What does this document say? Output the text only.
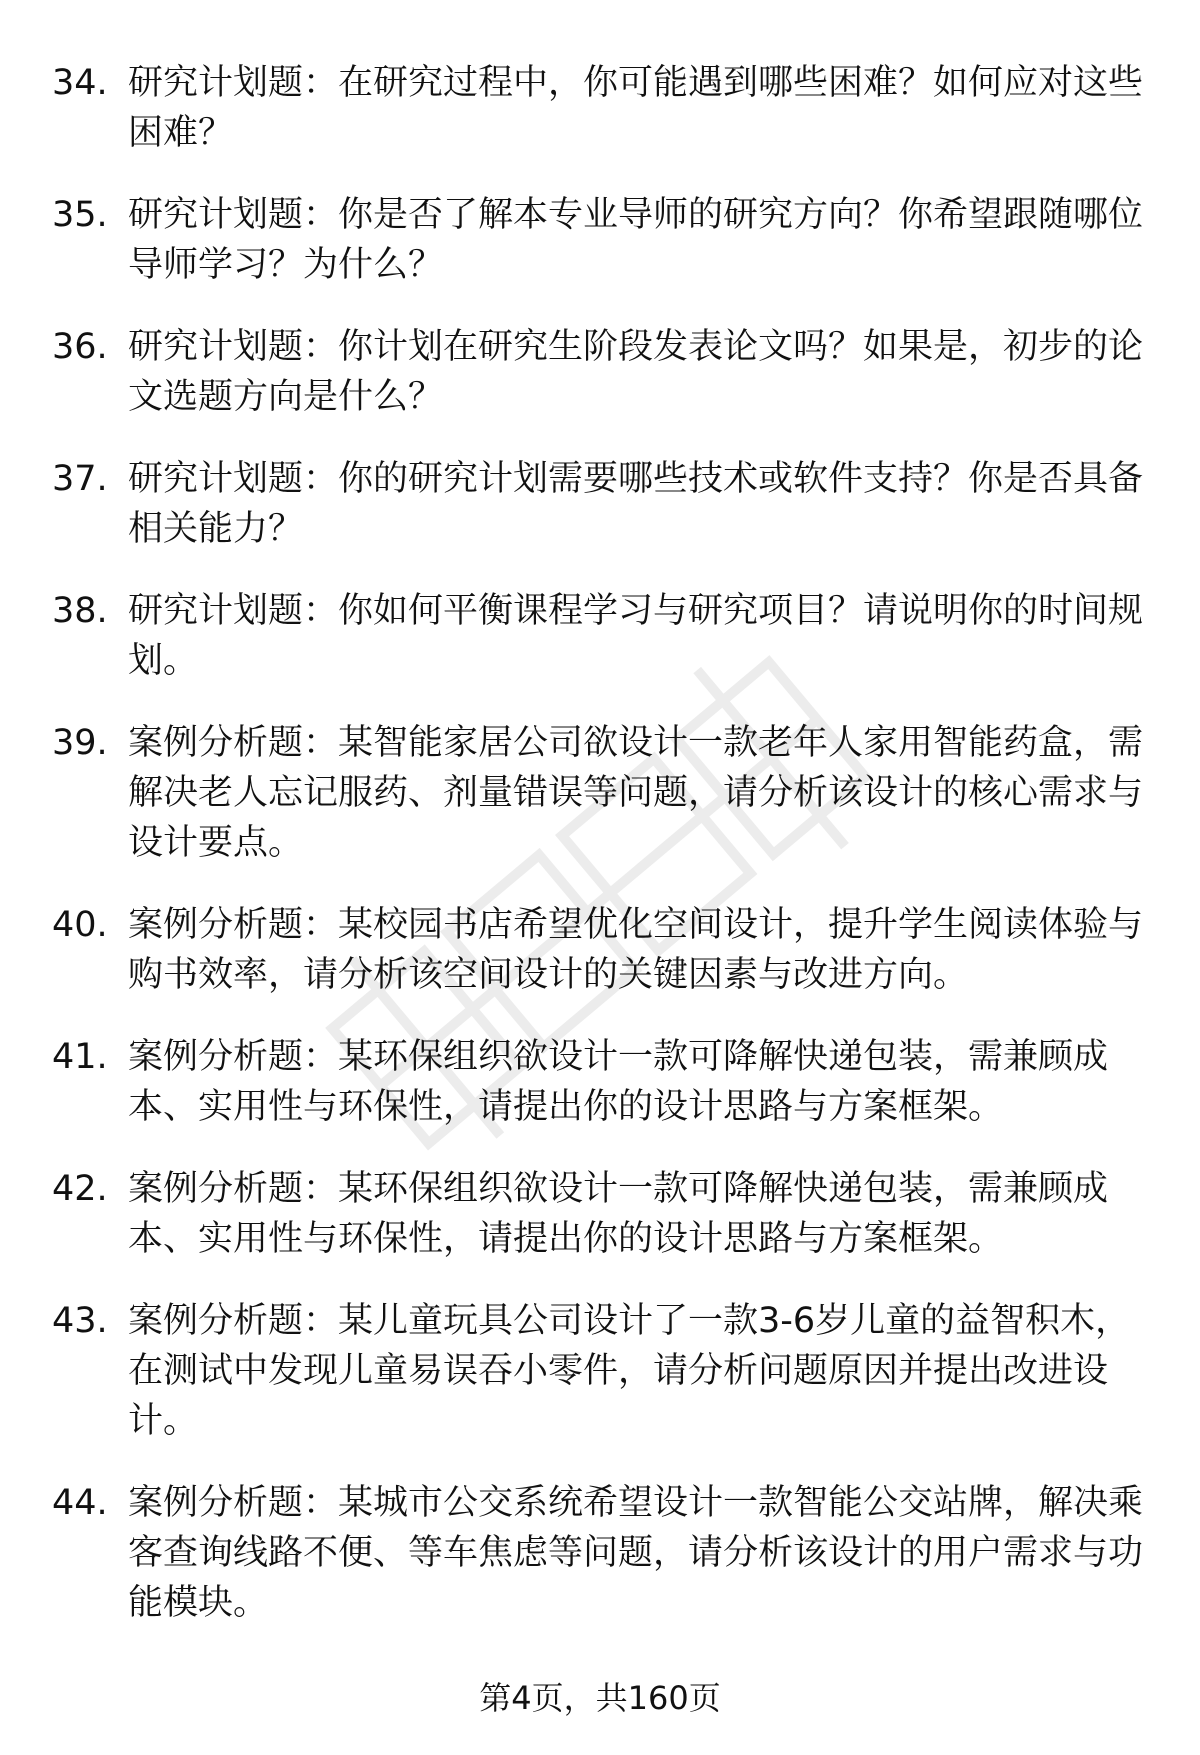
34. 研究计划题：在研究过程中，你可能遇到哪些困难？如何应对这些困难？
35. 研究计划题：你是否了解本专业导师的研究方向？你希望跟随哪位导师学习？为什么？
36. 研究计划题：你计划在研究生阶段发表论文吗？如果是，初步的论文选题方向是什么？
37. 研究计划题：你的研究计划需要哪些技术或软件支持？你是否具备相关能力？
38. 研究计划题：你如何平衡课程学习与研究项目？请说明你的时间规划。
39. 案例分析题：某智能家居公司欲设计一款老年人家用智能药盒，需解决老人忘记服药、剂量错误等问题，请分析该设计的核心需求与设计要点。
40. 案例分析题：某校园书店希望优化空间设计，提升学生阅读体验与购书效率，请分析该空间设计的关键因素与改进方向。
41. 案例分析题：某环保组织欲设计一款可降解快递包装，需兼顾成本、实用性与环保性，请提出你的设计思路与方案框架。
42. 案例分析题：某环保组织欲设计一款可降解快递包装，需兼顾成本、实用性与环保性，请提出你的设计思路与方案框架。
43. 案例分析题：某儿童玩具公司设计了一款3-6岁儿童的益智积木，在测试中发现儿童易误吞小零件，请分析问题原因并提出改进设计。
44. 案例分析题：某城市公交系统希望设计一款智能公交站牌，解决乘客查询线路不便、等车焦虑等问题，请分析该设计的用户需求与功能模块。
第4页，共160页
